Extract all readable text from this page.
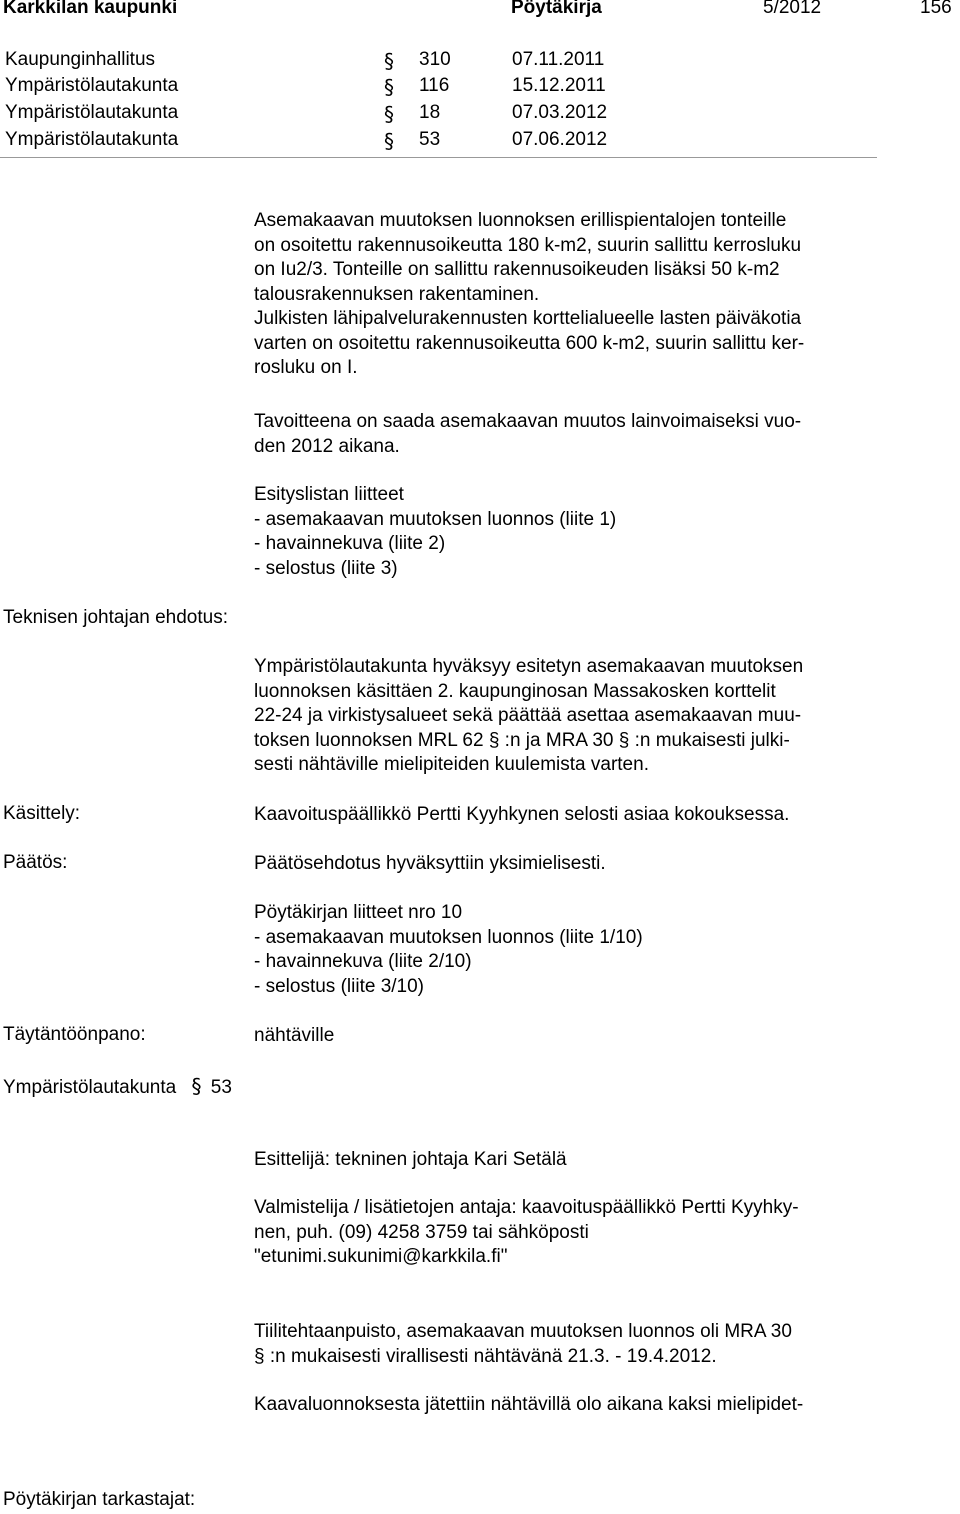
Karkkilan kaupunki	Pöytäkirja	5/2012	156
Kaupunginhallitus	§ 310	07.11.2011
Ympäristölautakunta	§ 116	15.12.2011
Ympäristölautakunta	§ 18	07.03.2012
Ympäristölautakunta	§ 53	07.06.2012
Asemakaavan muutoksen luonnoksen erillispientalojen tonteille
on osoitettu rakennusoikeutta 180 k-m2, suurin sallittu kerrosluku
on Iu2/3. Tonteille on sallittu rakennusoikeuden lisäksi 50 k-m2
talousrakennuksen rakentaminen.
Julkisten lähipalvelurakennusten korttelialueelle lasten päiväkotia
varten on osoitettu rakennusoikeutta 600 k-m2, suurin sallittu ker-
rosluku on I.
Tavoitteena on saada asemakaavan muutos lainvoimaiseksi vuo-
den 2012 aikana.
Esityslistan liitteet
- asemakaavan muutoksen luonnos (liite 1)
- havainnekuva (liite 2)
- selostus (liite 3)
Teknisen johtajan ehdotus:
Ympäristölautakunta hyväksyy esitetyn asemakaavan muutoksen
luonnoksen käsittäen 2. kaupunginosan Massakosken korttelit
22-24 ja virkistysalueet sekä päättää asettaa asemakaavan muu-
toksen luonnoksen MRL 62 § :n ja MRA 30 § :n mukaisesti julki-
sesti nähtäville mielipiteiden kuulemista varten.
Käsittely:	Kaavoituspäällikkö Pertti Kyyhkynen selosti asiaa kokouksessa.
Päätös:	Päätösehdotus hyväksyttiin yksimielisesti.
Pöytäkirjan liitteet nro 10
- asemakaavan muutoksen luonnos (liite 1/10)
- havainnekuva (liite 2/10)
- selostus (liite 3/10)
Täytäntöönpano:	nähtäville
Ympäristölautakunta § 53
Esittelijä: tekninen johtaja Kari Setälä
Valmistelija / lisätietojen antaja: kaavoituspäällikkö Pertti Kyyhky-
nen, puh. (09) 4258 3759 tai sähköposti
"etunimi.sukunimi@karkkila.fi"
Tiilitehtaanpuisto, asemakaavan muutoksen luonnos oli MRA 30
§ :n mukaisesti virallisesti nähtävänä 21.3. - 19.4.2012.
Kaavaluonnoksesta jätettiin nähtävillä olo aikana kaksi mielipidet-
Pöytäkirjan tarkastajat:
